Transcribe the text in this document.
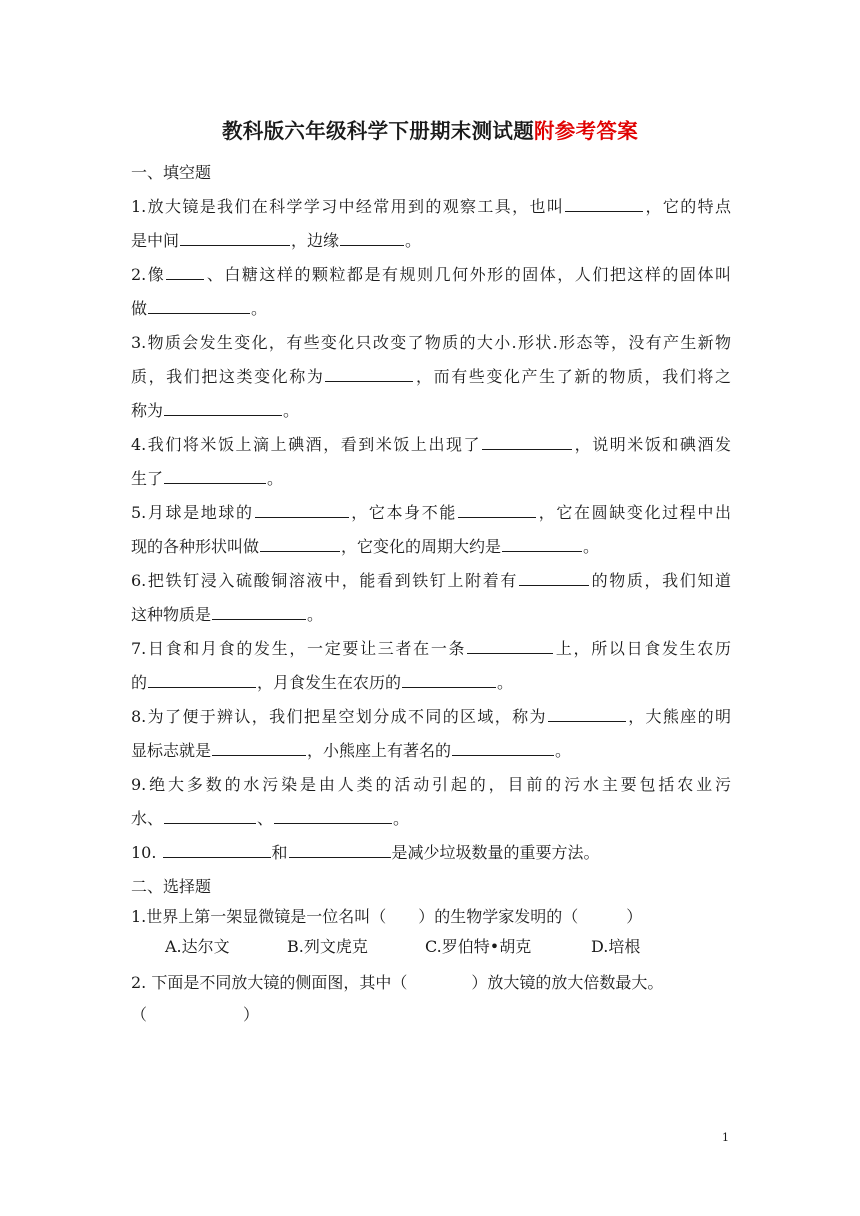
教科版六年级科学下册期末测试题附参考答案
一、填空题
1.放大镜是我们在科学学习中经常用到的观察工具，也叫	，它的特点
是中间	，边缘	。
2.像	、白糖这样的颗粒都是有规则几何外形的固体，人们把这样的固体叫
做	。
3.物质会发生变化，有些变化只改变了物质的大小.形状.形态等，没有产生新物
质，我们把这类变化称为	，而有些变化产生了新的物质，我们将之
称为	。
4.我们将米饭上滴上碘酒，看到米饭上出现了	，说明米饭和碘酒发
生了	。
5.月球是地球的	，它本身不能	，它在圆缺变化过程中出
现的各种形状叫做	，它变化的周期大约是	。
6.把铁钉浸入硫酸铜溶液中，能看到铁钉上附着有	的物质，我们知道
这种物质是	。
7.日食和月食的发生，一定要让三者在一条	上，所以日食发生农历
的	，月食发生在农历的	。
8.为了便于辨认，我们把星空划分成不同的区域，称为	，大熊座的明
显标志就是	，小熊座上有著名的	。
9.绝大多数的水污染是由人类的活动引起的，目前的污水主要包括农业污
水、	、	。
10.	和	是减少垃圾数量的重要方法。
二、选择题
1.世界上第一架显微镜是一位名叫（　　）的生物学家发明的（　　　）
A.达尔文	B.列文虎克	C.罗伯特•胡克	D.培根
2. 下面是不同放大镜的侧面图，其中（　　　　）放大镜的放大倍数最大。
（　　　　　　）
1
